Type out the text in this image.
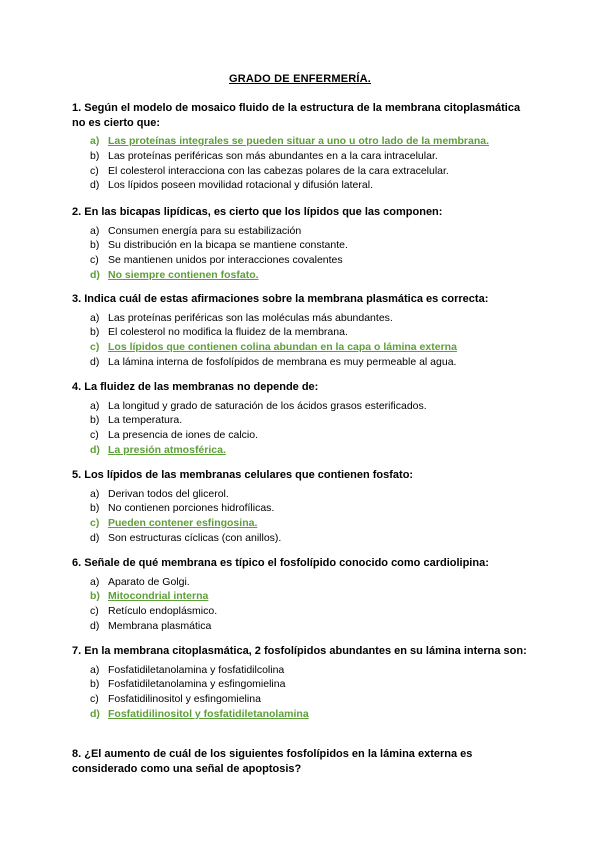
GRADO DE ENFERMERÍA.
1. Según el modelo de mosaico fluido de la estructura de la membrana citoplasmática no es cierto que:
a) Las proteínas integrales se pueden situar a uno u otro lado de la membrana.
b) Las proteínas periféricas son más abundantes en a la cara intracelular.
c) El colesterol interacciona con las cabezas polares de la cara extracelular.
d) Los lípidos poseen movilidad rotacional y difusión lateral.
2. En las bicapas lipídicas, es cierto que los lípidos que las componen:
a) Consumen energía para su estabilización
b) Su distribución en la bicapa se mantiene constante.
c) Se mantienen unidos por interacciones covalentes
d) No siempre contienen fosfato.
3. Indica cuál de estas afirmaciones sobre la membrana plasmática es correcta:
a) Las proteínas periféricas son las moléculas más abundantes.
b) El colesterol no modifica la fluidez de la membrana.
c) Los lípidos que contienen colina abundan en la capa o lámina externa
d) La lámina interna de fosfolípidos de membrana es muy permeable al agua.
4. La fluidez de las membranas no depende de:
a) La longitud y grado de saturación de los ácidos grasos esterificados.
b) La temperatura.
c) La presencia de iones de calcio.
d) La presión atmosférica.
5. Los lípidos de las membranas celulares que contienen fosfato:
a) Derivan todos del glicerol.
b) No contienen porciones hidrofílicas.
c) Pueden contener esfingosina.
d) Son estructuras cíclicas (con anillos).
6. Señale de qué membrana es típico el fosfolípido conocido como cardiolipina:
a) Aparato de Golgi.
b) Mitocondrial interna
c) Retículo endoplásmico.
d) Membrana plasmática
7. En la membrana citoplasmática, 2 fosfolípidos abundantes en su lámina interna son:
a) Fosfatidiletanolamina y fosfatidilcolina
b) Fosfatidiletanolamina y esfingomielina
c) Fosfatidilinositol y esfingomielina
d) Fosfatidilinositol y fosfatidiletanolamina
8. ¿El aumento de cuál de los siguientes fosfolípidos en la lámina externa es considerado como una señal de apoptosis?
